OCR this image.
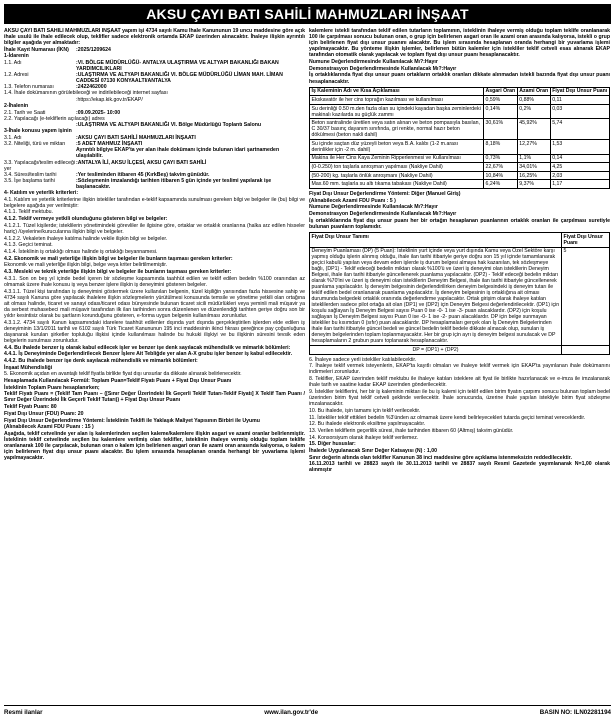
AKSU ÇAYI BATI SAHİLİ MAHMUZLARI İNŞAAT

AKSU ÇAYI BATI SAHİLİ MAHMUZLARI İNŞAAT yapım işi 4734 sayılı Kamu İhale Kanununun 19 uncu maddesine göre açık ihale usulü ile ihale edilecek olup, teklifler sadece elektronik ortamda EKAP üzerinden alınacaktır. İhaleye ilişkin ayrıntılı bilgiler aşağıda yer almaktadır:

İhale Kayıt Numarası (İKN)	:2025/1209624

1-İdarenin

1.1. Adı	:VI. BÖLGE MÜDÜRLÜĞÜ- ANTALYA ULAŞTIRMA VE ALTYAPI BAKANLIĞI BAKAN YARDIMCILIKLARI
1.2. Adresi	:ULAŞTIRMA VE ALTYAPI BAKANLIĞI VI. BÖLGE MÜDÜRLÜĞÜ LİMAN MAH. LİMAN CADDESİ 07130 KONYAALTI/ANTALYA
1.3. Telefon numarası	:2422462000

1.4. İhale dokümanının görülebileceği ve indirilebileceği internet sayfası

:https://ekap.kik.gov.tr/EKAP/

2-İhalenin

2.1. Tarih ve Saati	:09.09.2025- 10:00

2.2. Yapılacağı (e-tekliflerin açılacağı) adres

:ULAŞTIRMA VE ALTYAPI BAKANLIĞI VI. Bölge Müdürlüğü Toplantı Salonu

3-İhale konusu yapım işinin

3.1. Adı	:AKSU ÇAYI BATI SAHİLİ MAHMUZLARI İNŞAATI
3.2. Niteliği, türü ve miktarı	:5 ADET MAHMUZ İNŞAATI
Ayrıntılı bilgiye EKAP'ta yer alan ihale dokümanı içinde bulunan idari şartnameden ulaşılabilir.
3.3. Yapılacağı/teslim edileceği yer
:ANTALYA İLİ, AKSU İLÇESİ, AKSU ÇAYI BATI SAHİLİ
3.4. Süresi/teslim tarihi	:Yer tesliminden itibaren 45 (KırkBeş) takvim günüdür.
3.5. İşe başlama tarihi	:Sözleşmenin imzalandığı tarihten itibaren 5 gün içinde yer teslimi yapılarak işe başlanacaktır.

4- Katılım ve yeterlik kriterleri:

4.1. Katılım ve yeterlik kriterlerine ilişkin istekliler tarafından e-teklif kapsamında sunulması gereken bilgi ve belgeler ile (bu) bilgi ve belgelere aşağıda yer verilmiştir:

4.1.1. Teklif mektubu.

4.1.2. Teklif vermeye yetkili olunduğunu gösteren bilgi ve belgeler:

4.1.2.1. Tüzel kişilerde; isteklilerin yönetimindeki görevliler ile ilgisine göre, ortaklar ve ortaklık oranlarına (halka arz edilen hisseler hariç) /üyelerine/kurucularına ilişkin bilgi ve belgeler.

4.1.2.2. Vekaleten ihaleye katılma halinde vekile ilişkin bilgi ve belgeler.

4.1.3. Geçici teminat.

4.1.4. İsteklinin iş ortaklığı olması halinde iş ortaklığı beyannamesi.

4.2. Ekonomik ve mali yeterliğe ilişkin bilgi ve belgeler ile bunların taşıması gereken kriterler:

Ekonomik ve mali yeterliğe ilişkin bilgi, belge veya kriter belirtilmemiştir.

4.3. Mesleki ve teknik yeterliğe ilişkin bilgi ve belgeler ile bunların taşıması gereken kriterler:

4.3.1. Son on beş yıl içinde bedel içeren bir sözleşme kapsamında taahhüt edilen ve teklif edilen bedelin %100 oranından az olmamak üzere ihale konusu iş veya benzer işlere ilişkin iş deneyimini gösteren belgeler.

4.3.1.1. Tüzel kişi tarafından iş deneyimini göstermek üzere kullanılan belgenin, tüzel kişiliğin yarısından fazla hissesine sahip ve 4734 sayılı Kanuna göre yapılacak ihalelere ilişkin sözleşmelerin yürütülmesi konusunda temsile ve yönetime yetkili olan ortağına ait olması halinde, ticaret ve sanayi odası/ticaret odası bünyesinde bulunan ticaret sicili müdürlükleri veya yeminli mali müşavir ya da serbest muhasebeci mali müşavir tarafından ilk ilan tarihinden sonra düzenlenen ve düzenlendiği tarihten geriye doğru son bir yıldır kesintisiz olarak bu şartların korunduğunu gösteren, e-forma uygun belgenin kullanılması zorunludur.

4.3.1.2. 4734 sayılı Kanun kapsamındaki idarelere taahhüt edilenler dışında yurt dışında gerçekleştirilen işlerden elde edilen iş deneyiminin 13/1/2011 tarihli ve 6102 sayılı Türk Ticaret Kanununun 195 inci maddesinin ikinci fıkrası gereğince pay çoğunluğuna dayanarak kurulan şirketler topluluğu ilişkisi içinde kullanılması halinde bu hukuki ilişkiyi ve bu ilişkinin süresini tevsik eden belgelerin sunulması zorunludur.

4.4. Bu ihalede benzer iş olarak kabul edilecek işler ve benzer işe denk sayılacak mühendislik ve mimarlık bölümleri:

4.4.1. İş Deneyiminde Değerlendirilecek Benzer İşlere Ait Tebliğde yer alan A-X grubu işler benzer iş kabul edilecektir.

4.4.2. Bu ihalede benzer işe denk sayılacak mühendislik ve mimarlık bölümleri:

İnşaat Mühendisliği

5. Ekonomik açıdan en avantajlı teklif fiyatla birlikte fiyat dışı unsurlar da dikkate alınarak belirlenecektir.

Hesaplamada Kullanılacak Formül: Toplam Puan=Teklif Fiyatı Puanı + Fiyat Dışı Unsur Puanı

İsteklinin Toplam Puanı hesaplanırken;

Teklif Fiyatı Puanı = (Teklif Tam Puanı – ([Sınır Değer Üzerindeki İlk Geçerli Teklif Tutarı-Teklif Fiyatı] X Teklif Tam Puanı / Sınır Değer Üzerindeki İlk Geçerli Teklif Tutarı)) + Fiyat Dışı Unsur Puanı

Teklif Fiyatı Puanı: 80

Fiyat Dışı Unsur (FDU) Puanı: 20

Fiyat Dışı Unsur Değerlendirme Yöntemi: İsteklinin Teklifi ile Yaklaşık Maliyet Yapısının Birbiri ile Uyumu

(Alınabilecek Azami FDU Puanı : 15 )

Aşağıda, teklif cetvelinde yer alan iş kalemlerinden seçilen kaleme/kalemlere ilişkin asgari ve azami oranlar belirlenmiştir. İsteklinin teklif cetvelinde seçilen bu kalemlere verilmiş olan teklifler, isteklinin ihaleye vermiş olduğu toplam teklife oranlanarak 100 ile çarpılacak, bulunan oran o kalem için belirlenen asgari oran ile azami oran arasında kalıyorsa, o kalem için belirlenen fiyat dışı unsur puanı alacaktır. Bu işlem sırasında hesaplanan oranda herhangi bir yuvarlama işlemi yapılmayacaktır.

kalemlere istekli tarafından teklif edilen tutarların toplamının, isteklinin ihaleye vermiş olduğu toplam teklife oranlanarak 100 ile çarpılması sonucu bulunan oran, o grup için belirlenen asgari oran ile azami oran arasında kalıyorsa, istekli o grup için belirlenen fiyat dışı unsur puanını alacaktır. Bu işlem sırasında hesaplanan oranda herhangi bir yuvarlama işlemi yapılmayacaktır. Bu yönteme ilişkin işlemler, belirlenen bütün kalemler için istekliler teklif cetveli esas alınarak EKAP tarafından otomatik olarak yapılacak ve toplam fiyat dışı unsur puanı hesaplanacaktır.

Numune Değerlendirmesinde Kullanılacak Mı?:Hayır

Demonstrasyon Değerlendirmesinde Kullanılacak Mı?:Hayır

İş ortaklıklarında fiyat dışı unsur puanı ortakların ortaklık oranları dikkate alınmadan istekli bazında fiyat dışı unsur puanı hesaplanacaktır.

İş Kaleminin Adı ve Kısa Açıklaması	Asgari Oran	Azami Oran	Fiyat Dışı Unsur Puanı
Ekskavatör ile her cins toprağın kazılması ve kullanılması	0,59%	0,88%	0,11
Su derinliği 0.50 m.den fazla olan su içindeki kayadan başka zeminlerdeki makinalı kazılarda su güçlük zammı	0,14%	0,2%	0,03
Beton santralinde üretilen veya satın alınan ve beton pompasıyla basılan, C 30/37 basınç dayanım sınıfında, gri renkte, normal hazır beton dökülmesi (beton nakli dahil)	30,61%	45,92%	5,74
Su içinde saçtan düz yüzeyli beton veya B.A. kalıbı (1-2 m.arası derinlikler için -2 m. dahil)	8,18%	12,27%	1,53
Makina ile Her Cins Kaya Zeminin Ripperlenmesi ve Kullanılması	0,73%	1,1%	0,14
(0-0.250) ton taşlarla anroşman yapılması (Nakliye Dahil)	22,67%	34,01%	4,25
(50-200) kg. taşlarla önlük anroşmanı (Nakliye Dahil)	10,84%	16,25%	2,03
Max.60 mm. taşlarla su altı tıkama tabakası (Nakliye Dahil)	6,24%	9,37%	1,17

Fiyat Dışı Unsur Değerlendirme Yöntemi: Diğer (Manuel Giriş)

(Alınabilecek Azami FDU Puanı : 5 )

Numune Değerlendirmesinde Kullanılacak Mı?:Hayır

Demonstrasyon Değerlendirmesinde Kullanılacak Mı?:Hayır

İş ortaklıklarında fiyat dışı unsur puanı her bir ortağın hesaplanan puanlarının ortaklık oranları ile çarpılması suretiyle bulunan puanların toplamıdır.

Fiyat Dışı Unsur Tanımı	Fiyat Dışı Unsur Puanı
Deneyim Puanlaması (DP) (5 Puan): İsteklinin yurt içinde veya yurt dışında Kamu veya Özel Sektöre karşı yapmış olduğu işlerin alınmış olduğu, ihale ilan tarihi itibariyle geriye doğru son 15 yıl içinde tamamlanarak geçici kabulü yapılan veya devam eden işlerde iş durum belgesi almaya hak kazanılan, tek sözleşmeye bağlı, (DP1) - Teklif edeceği bedelin miktarı olarak %100'ü ve üzeri iş deneyimi olan isteklilerin Deneyim Belgesi, ihale ilan tarihi itibariyle güncellenerek puanlama yapılacaktır. (DP2) - Teklif edeceği bedelin miktarı olarak %70'ini ve üzeri iş deneyimi olan isteklilerin Deneyim Belgesi, ihale ilan tarihi itibariyle güncellenerek puanlama yapılacaktır. İş deneyim belgesinin değerlendirilirken deneyim belgesindeki iş deneyim tutarı ile teklif edilen bedel oranlanarak puanlama yapılacaktır. İş deneyim belgesinin iş ortaklığına ait olması durumunda belgedeki ortaklık oranında değerlendirme yapılacaktır. Ortak girişim olarak ihaleye katılan isteklilerden sadece pilot ortağa ait olan (DP1) ve (DP2) için Deneyim Belgesi değerlendirilecektir. (DP1) için koşulu sağlayan İş Deneyim Belgesi sayısı Puan 0 ise -0- 1 ise -3- puan alacaklardır. (DP2) için koşulu sağlayan İş Deneyim Belgesi sayısı Puan 0 ise -0- 1 ise -2- puan alacaklardır. DP için belge sunmayan istekliler bu kısımdan 0 (sıfır) puan alacaklardır. DP hesaplamaları gerçek olan İş Deneyim Belgelerinden ihale ilan tarihi itibariyle güncel bedeli ve güncel bedelin teklif bedele dikkate alınacak olup, sunulan iş deneyim belgelerinden toplam toplanmayacaktır. Her bir grup için ayrı iş deneyim belgesi sunulacak ve DP hesaplamaların 2 grubun puanı toplanarak hesaplanacaktır.	5
DP = (DP1) + (DP2)	

6. İhaleye sadece yerli istekliler katılabilecektir.

7. İhaleye teklif vermek isteyenlerin, EKAP'ta kayıtlı olmaları ve ihaleye teklif vermek için EKAP'ta yayınlanan ihale dokümanını indirmeleri zorunludur.

8. Teklifler, EKAP üzerinden teklif mektubu ile ihaleye katılan isteklere ait fiyat ile birlikte hazırlanacak ve e-imza ile imzalanarak ihale tarih ve saatine kadar EKAP üzerinden gönderilecektir.

9. İstekliler tekliflerini, her bir iş kaleminin miktarı ile bu iş kalemi için teklif edilen birim fiyatın çarpımı sonucu bulunan toplam bedel üzerinden birim fiyat teklif cetveli şeklinde verilecektir. İhale sonucunda, üzerine ihale yapılan istekliyle birim fiyat sözleşme imzalanacaktır.

10. Bu ihalede, işin tamamı için teklif verilecektir.

11. İstekliler teklif ettikleri bedelin %3'ünden az olmamak üzere kendi belirleyecekleri tutarda geçici teminat vereceklerdir.

12. Bu ihalede elektronik eksiltme yapılmayacaktır.

13. Verilen tekliflerin geçerlilik süresi, ihale tarihinden itibaren 60 (Altmış) takvim günüdür.

14. Konsorsiyum olarak ihaleye teklif verilemez.

15. Diğer hususlar:

İhalede Uygulanacak Sınır Değer Katsayısı (N) : 1,00

Sınır değerin altında olan teklifler Kanunun 38 inci maddesine göre açıklama istenmeksizin reddedilecektir.

16.11.2013 tarihli ve 28823 sayılı ile 30.11.2013 tarihli ve 28837 sayılı Resmi Gazetede yayımlanarak N=1,00 olarak alınmıştır

Resmi ilanlar	www.ilan.gov.tr'de	BASIN NO: ILN02281194
